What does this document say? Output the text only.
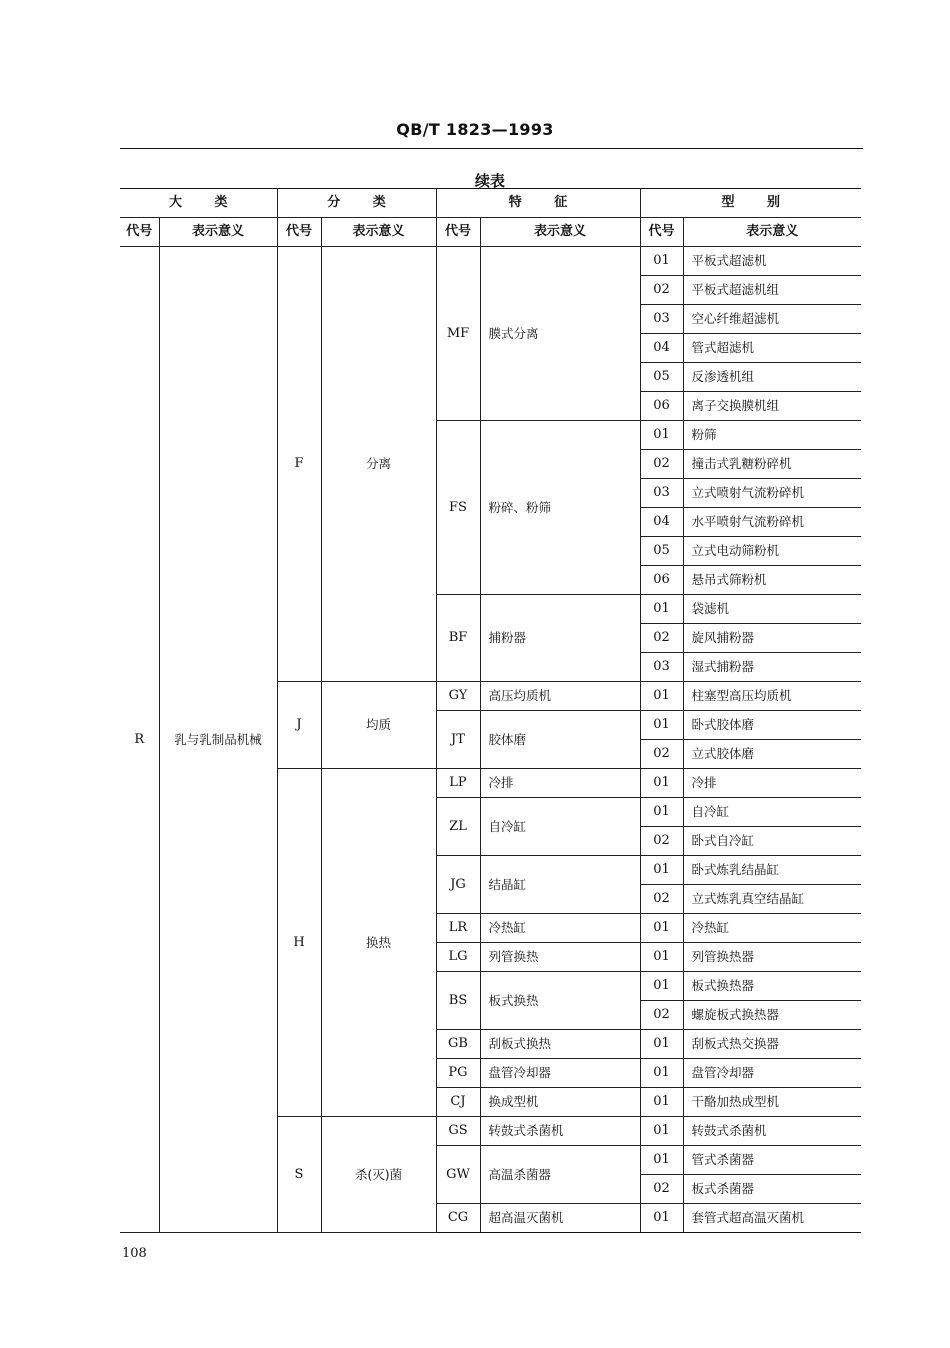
QB/T 1823—1993
续表
大 类		分 类		特 征		型 别	
代号	表示意义	代号	表示意义	代号	表示意义	代号	表示意义
R	乳与乳制品机械	F	分离	MF	膜式分离	01	平板式超滤机
						02	平板式超滤机组
						03	空心纤维超滤机
						04	管式超滤机
						05	反渗透机组
						06	离子交换膜机组
				FS	粉碎、粉筛	01	粉筛
						02	撞击式乳糖粉碎机
						03	立式喷射气流粉碎机
						04	水平喷射气流粉碎机
						05	立式电动筛粉机
						06	悬吊式筛粉机
				BF	捕粉器	01	袋滤机
						02	旋风捕粉器
						03	湿式捕粉器
		J	均质	GY	高压均质机	01	柱塞型高压均质机
				JT	胶体磨	01	卧式胶体磨
						02	立式胶体磨
		H	换热	LP	冷排	01	冷排
				ZL	自冷缸	01	自冷缸
						02	卧式自冷缸
				JG	结晶缸	01	卧式炼乳结晶缸
						02	立式炼乳真空结晶缸
				LR	冷热缸	01	冷热缸
				LG	列管换热	01	列管换热器
				BS	板式换热	01	板式换热器
						02	螺旋板式换热器
				GB	刮板式换热	01	刮板式热交换器
				PG	盘管冷却器	01	盘管冷却器
				CJ	换成型机	01	干酪加热成型机
		S	杀(灭)菌	GS	转鼓式杀菌机	01	转鼓式杀菌机
				GW	高温杀菌器	01	管式杀菌器
						02	板式杀菌器
				CG	超高温灭菌机	01	套管式超高温灭菌机
108
